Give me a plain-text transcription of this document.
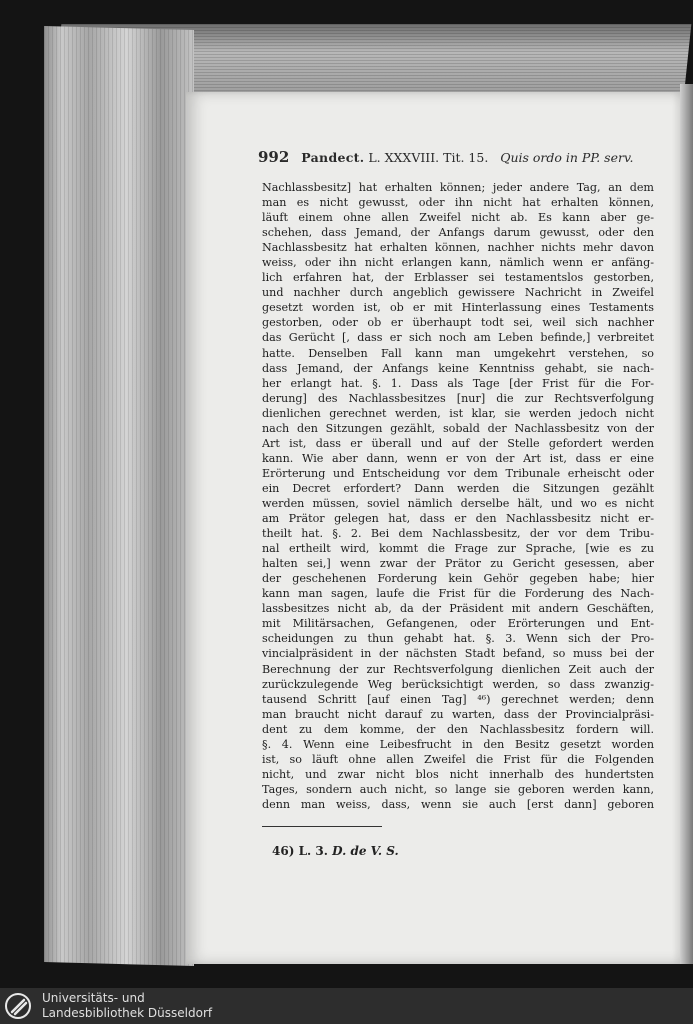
992 Pandect. L. XXXVIII. Tit. 15. Quis ordo in PP. serv.
Nachlassbesitz] hat erhalten können; jeder andere Tag, an dem
man es nicht gewusst, oder ihn nicht hat erhalten können,
läuft einem ohne allen Zweifel nicht ab. Es kann aber ge-
schehen, dass Jemand, der Anfangs darum gewusst, oder den
Nachlassbesitz hat erhalten können, nachher nichts mehr davon
weiss, oder ihn nicht erlangen kann, nämlich wenn er anfäng-
lich erfahren hat, der Erblasser sei testamentslos gestorben,
und nachher durch angeblich gewissere Nachricht in Zweifel
gesetzt worden ist, ob er mit Hinterlassung eines Testaments
gestorben, oder ob er überhaupt todt sei, weil sich nachher
das Gerücht [, dass er sich noch am Leben befinde,] verbreitet
hatte. Denselben Fall kann man umgekehrt verstehen, so
dass Jemand, der Anfangs keine Kenntniss gehabt, sie nach-
her erlangt hat. §. 1. Dass als Tage [der Frist für die For-
derung] des Nachlassbesitzes [nur] die zur Rechtsverfolgung
dienlichen gerechnet werden, ist klar, sie werden jedoch nicht
nach den Sitzungen gezählt, sobald der Nachlassbesitz von der
Art ist, dass er überall und auf der Stelle gefordert werden
kann. Wie aber dann, wenn er von der Art ist, dass er eine
Erörterung und Entscheidung vor dem Tribunale erheischt oder
ein Decret erfordert? Dann werden die Sitzungen gezählt
werden müssen, soviel nämlich derselbe hält, und wo es nicht
am Prätor gelegen hat, dass er den Nachlassbesitz nicht er-
theilt hat. §. 2. Bei dem Nachlassbesitz, der vor dem Tribu-
nal ertheilt wird, kommt die Frage zur Sprache, [wie es zu
halten sei,] wenn zwar der Prätor zu Gericht gesessen, aber
der geschehenen Forderung kein Gehör gegeben habe; hier
kann man sagen, laufe die Frist für die Forderung des Nach-
lassbesitzes nicht ab, da der Präsident mit andern Geschäften,
mit Militärsachen, Gefangenen, oder Erörterungen und Ent-
scheidungen zu thun gehabt hat. §. 3. Wenn sich der Pro-
vincialpräsident in der nächsten Stadt befand, so muss bei der
Berechnung der zur Rechtsverfolgung dienlichen Zeit auch der
zurückzulegende Weg berücksichtigt werden, so dass zwanzig-
tausend Schritt [auf einen Tag] ⁴⁶) gerechnet werden; denn
man braucht nicht darauf zu warten, dass der Provincialpräsi-
dent zu dem komme, der den Nachlassbesitz fordern will.
§. 4. Wenn eine Leibesfrucht in den Besitz gesetzt worden
ist, so läuft ohne allen Zweifel die Frist für die Folgenden
nicht, und zwar nicht blos nicht innerhalb des hundertsten
Tages, sondern auch nicht, so lange sie geboren werden kann,
denn man weiss, dass, wenn sie auch [erst dann] geboren
46) L. 3. D. de V. S.
Universitäts- und
Landesbibliothek Düsseldorf
